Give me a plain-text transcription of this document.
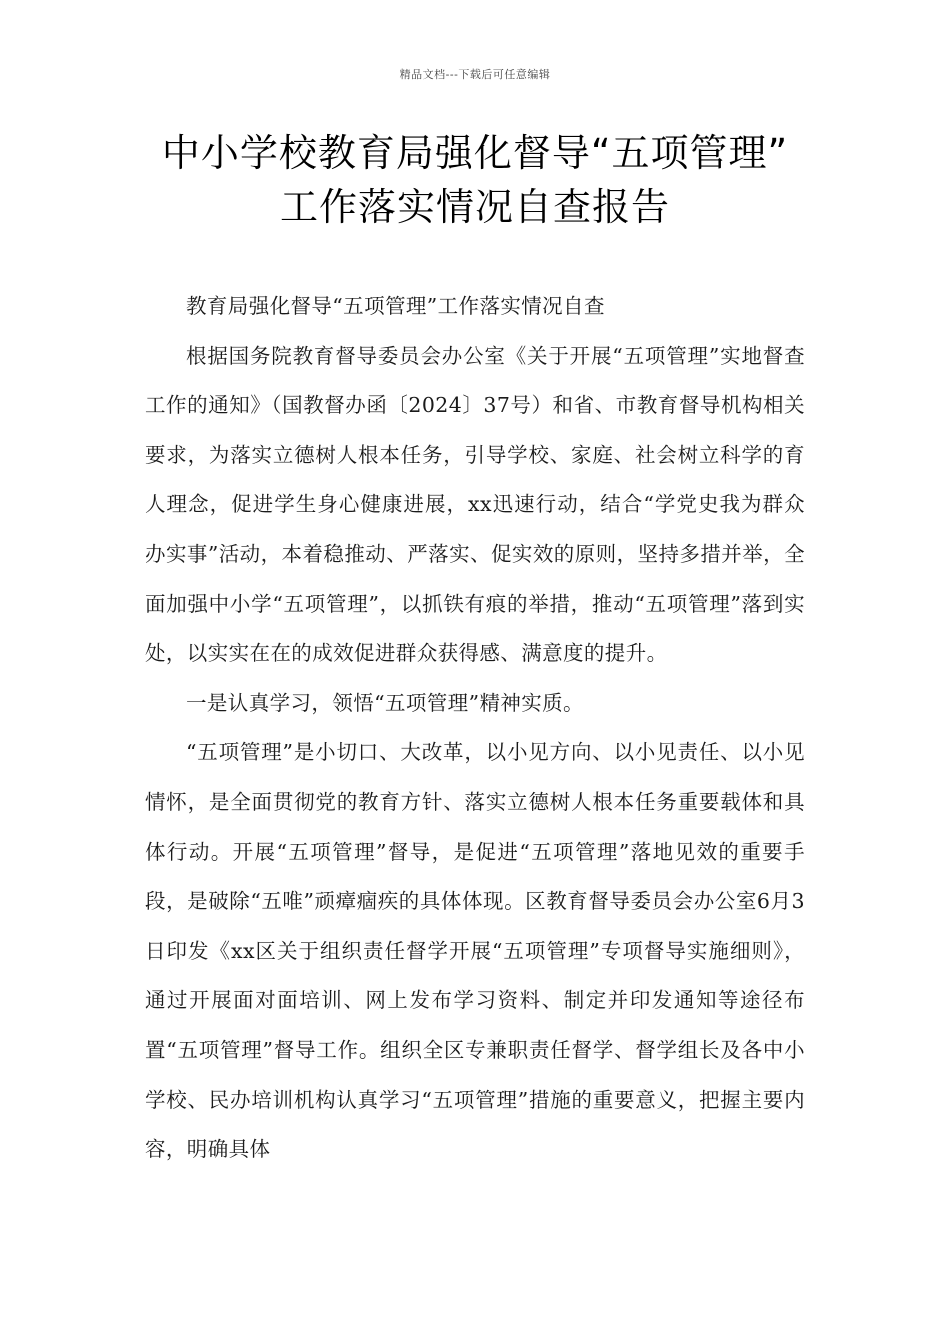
精品文档---下载后可任意编辑
中小学校教育局强化督导“五项管理”
工作落实情况自查报告

教育局强化督导“五项管理”工作落实情况自查

根据国务院教育督导委员会办公室《关于开展“五项管理”实地督查工作的通知》（国教督办函〔2024〕37号）和省、市教育督导机构相关要求，为落实立德树人根本任务，引导学校、家庭、社会树立科学的育人理念，促进学生身心健康进展，xx迅速行动，结合“学党史我为群众办实事”活动，本着稳推动、严落实、促实效的原则，坚持多措并举，全面加强中小学“五项管理”，以抓铁有痕的举措，推动“五项管理”落到实处，以实实在在的成效促进群众获得感、满意度的提升。

一是认真学习，领悟“五项管理”精神实质。

“五项管理”是小切口、大改革，以小见方向、以小见责任、以小见情怀，是全面贯彻党的教育方针、落实立德树人根本任务重要载体和具体行动。开展“五项管理”督导，是促进“五项管理”落地见效的重要手段，是破除“五唯”顽瘴痼疾的具体体现。区教育督导委员会办公室6月3日印发《xx区关于组织责任督学开展“五项管理”专项督导实施细则》，通过开展面对面培训、网上发布学习资料、制定并印发通知等途径布置“五项管理”督导工作。组织全区专兼职责任督学、督学组长及各中小学校、民办培训机构认真学习“五项管理”措施的重要意义，把握主要内容，明确具体
